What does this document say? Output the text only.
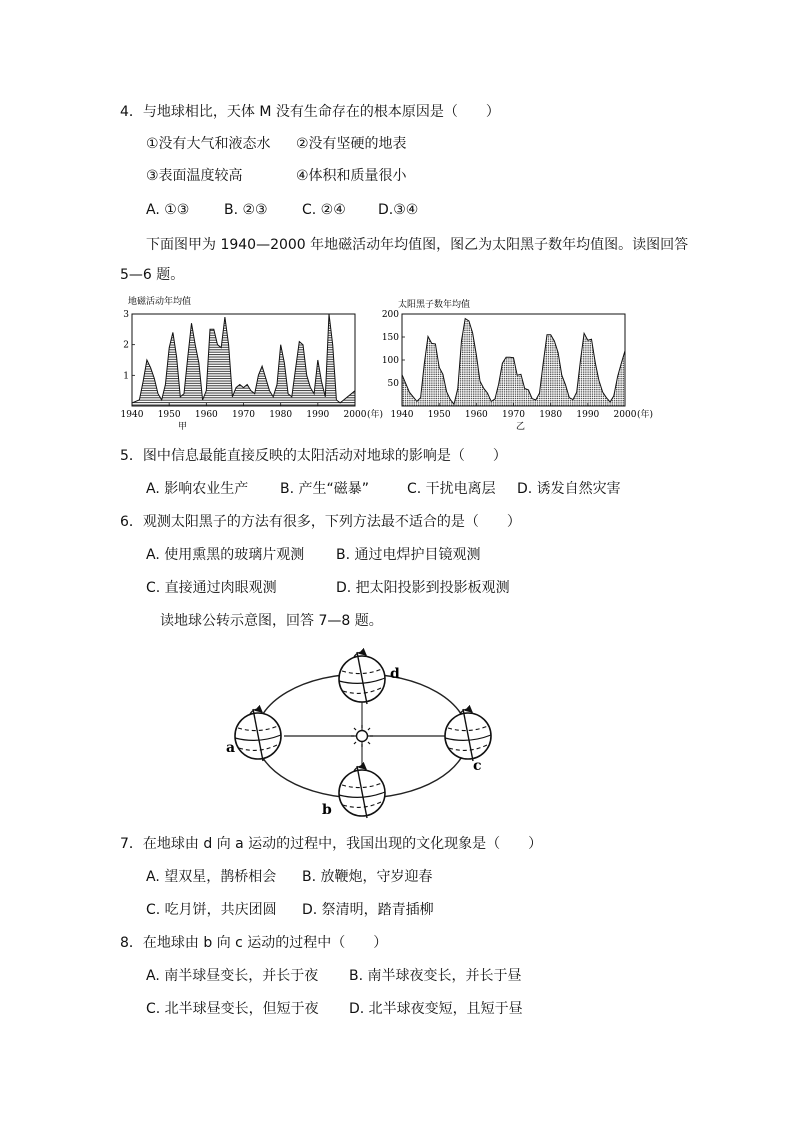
4．与地球相比，天体 M 没有生命存在的根本原因是（　　）
①没有大气和液态水 ②没有坚硬的地表
③表面温度较高	④体积和质量很小
A. ①③ B. ②③ C. ②④ D.③④
下面图甲为 1940—2000 年地磁活动年均值图，图乙为太阳黑子数年均值图。读图回答
5—6 题。
地磁活动年均值
1
2
3
1940 1950 1960 1970 1980 1990 2000 (年)
甲
太阳黑子数年均值
50
100
150
200
1940 1950 1960 1970 1980 1990 2000 (年)
乙
5．图中信息最能直接反映的太阳活动对地球的影响是（　　）
A. 影响农业生产 B. 产生“磁暴”	C. 干扰电离层 D. 诱发自然灾害
6．观测太阳黑子的方法有很多，下列方法最不适合的是（　　）
A. 使用熏黑的玻璃片观测 B. 通过电焊护目镜观测
C. 直接通过肉眼观测	D. 把太阳投影到投影板观测
读地球公转示意图，回答 7—8 题。
a
b
c
d
7．在地球由 d 向 a 运动的过程中，我国出现的文化现象是（　　）
A. 望双星，鹊桥相会 B. 放鞭炮，守岁迎春
C. 吃月饼，共庆团圆 D. 祭清明，踏青插柳
8．在地球由 b 向 c 运动的过程中（　　）
A. 南半球昼变长，并长于夜 B. 南半球夜变长，并长于昼
C. 北半球昼变长，但短于夜 D. 北半球夜变短，且短于昼
